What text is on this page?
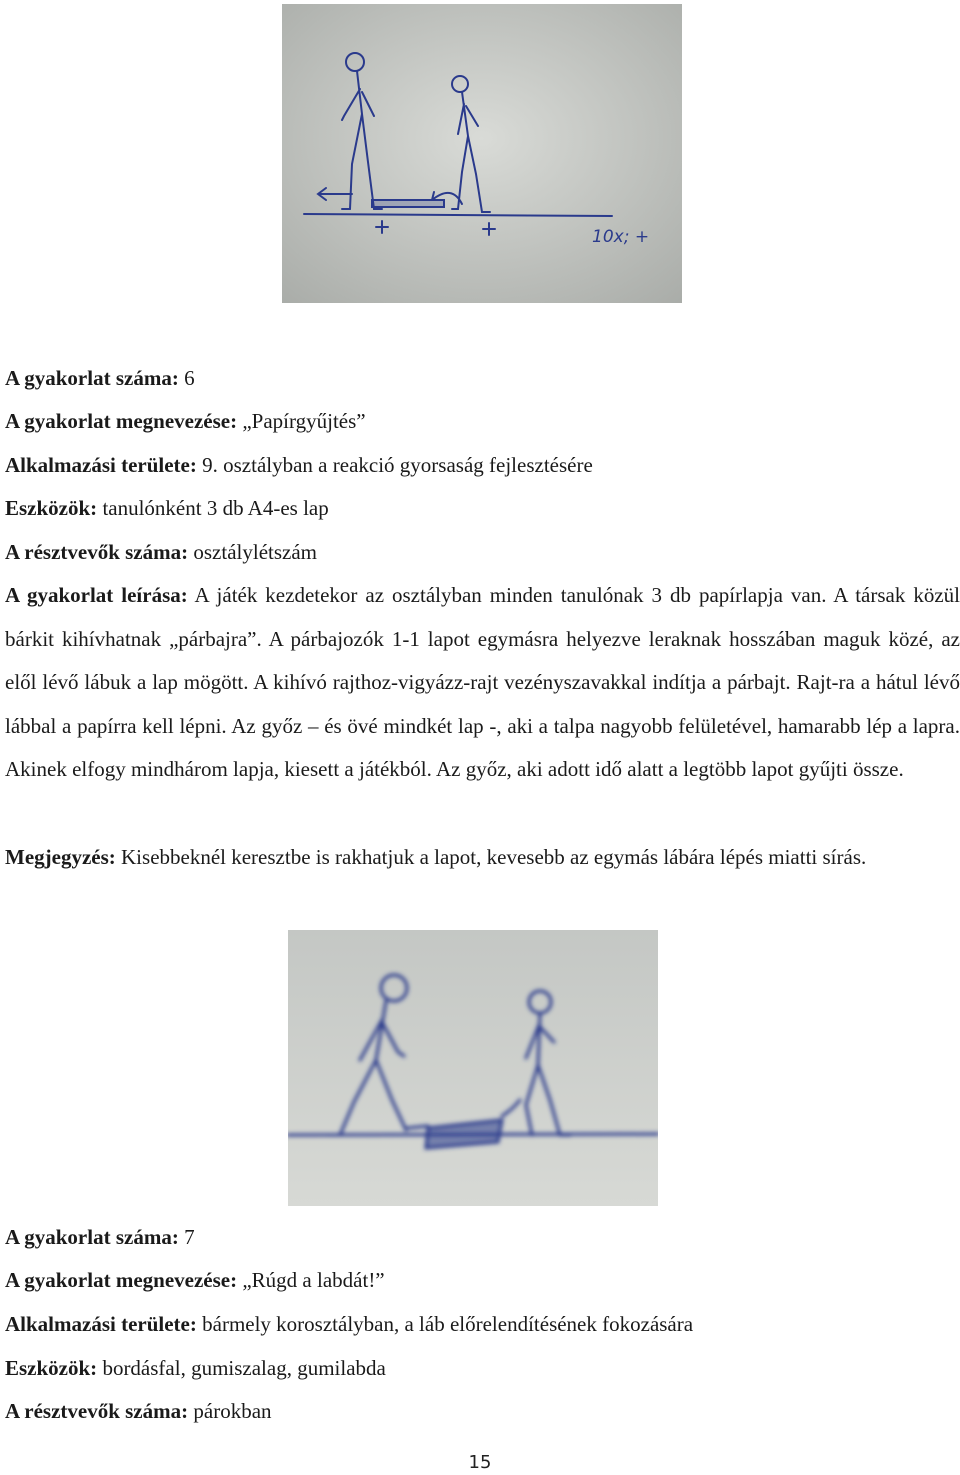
10x; +
A gyakorlat száma: 6
A gyakorlat megnevezése: „Papírgyűjtés”
Alkalmazási területe: 9. osztályban a reakció gyorsaság fejlesztésére
Eszközök: tanulónként 3 db A4-es lap
A résztvevők száma: osztálylétszám
A gyakorlat leírása: A játék kezdetekor az osztályban minden tanulónak 3 db papírlapja van. A társak közül bárkit kihívhatnak „párbajra”. A párbajozók 1-1 lapot egymásra helyezve leraknak hosszában maguk közé, az elől lévő lábuk a lap mögött. A kihívó rajthoz-vigyázz-rajt vezényszavakkal indítja a párbajt. Rajt-ra a hátul lévő lábbal a papírra kell lépni. Az győz – és övé mindkét lap -, aki a talpa nagyobb felületével, hamarabb lép a lapra. Akinek elfogy mindhárom lapja, kiesett a játékból. Az győz, aki adott idő alatt a legtöbb lapot gyűjti össze.
Megjegyzés: Kisebbeknél keresztbe is rakhatjuk a lapot, kevesebb az egymás lábára lépés miatti sírás.
A gyakorlat száma: 7
A gyakorlat megnevezése: „Rúgd a labdát!”
Alkalmazási területe: bármely korosztályban, a láb előrelendítésének fokozására
Eszközök: bordásfal, gumiszalag, gumilabda
A résztvevők száma: párokban
15
